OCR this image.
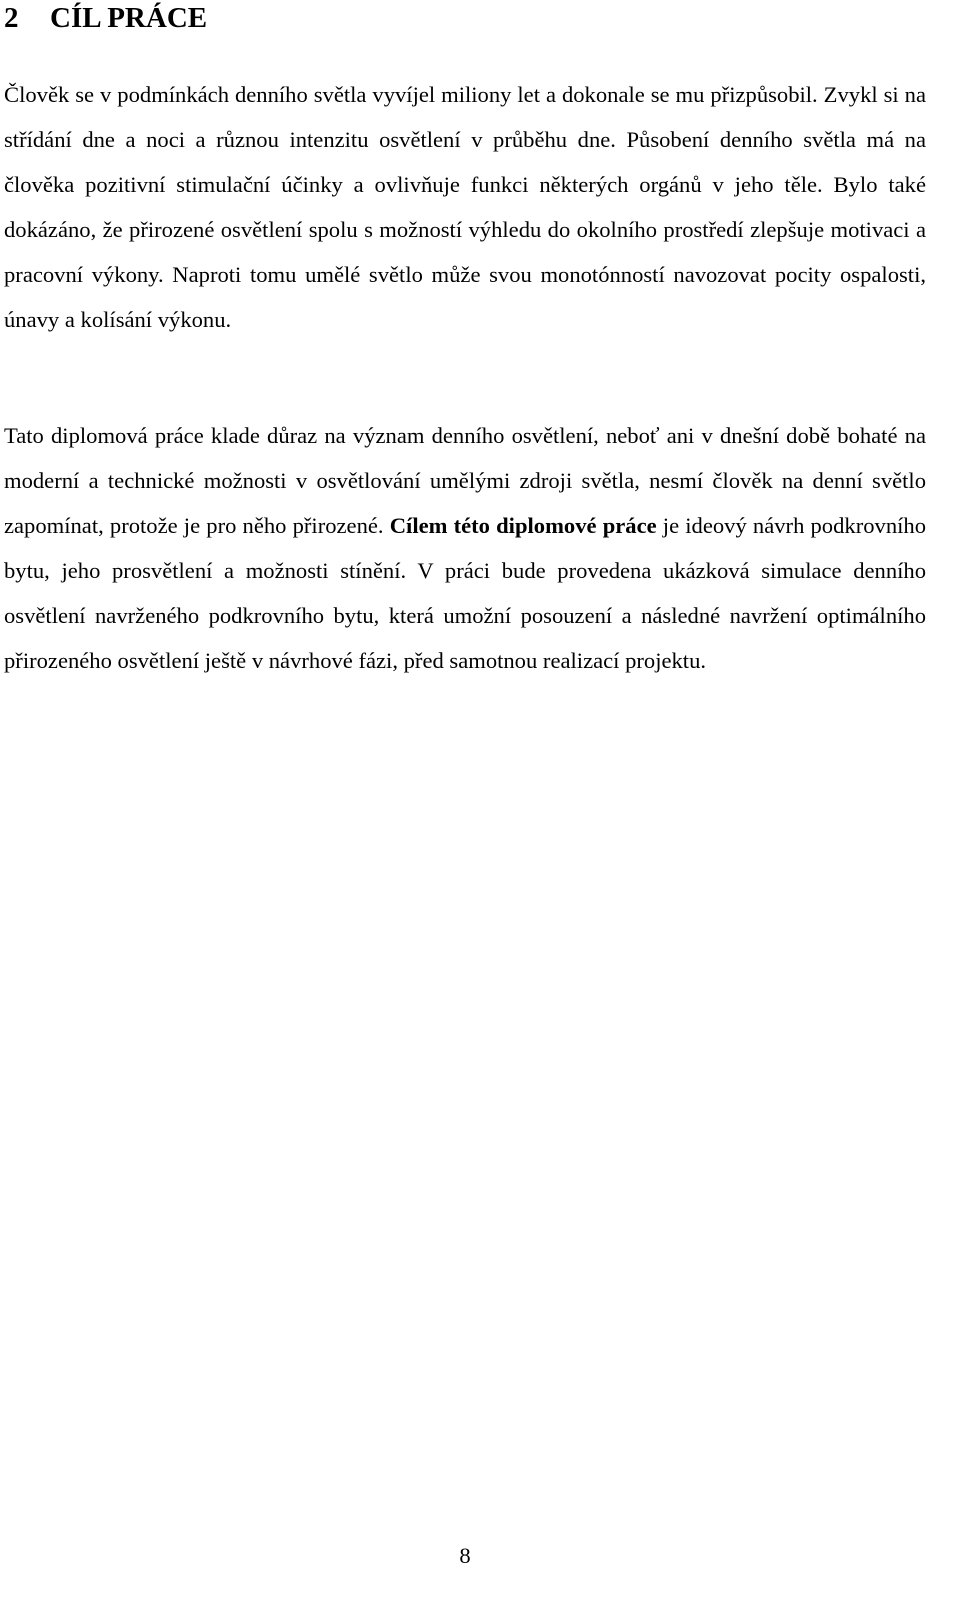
2 CÍL PRÁCE

Člověk se v podmínkách denního světla vyvíjel miliony let a dokonale se mu přizpůsobil. Zvykl si na střídání dne a noci a různou intenzitu osvětlení v průběhu dne. Působení denního světla má na člověka pozitivní stimulační účinky a ovlivňuje funkci některých orgánů v jeho těle. Bylo také dokázáno, že přirozené osvětlení spolu s možností výhledu do okolního prostředí zlepšuje motivaci a pracovní výkony. Naproti tomu umělé světlo může svou monotónností navozovat pocity ospalosti, únavy a kolísání výkonu.

Tato diplomová práce klade důraz na význam denního osvětlení, neboť ani v dnešní době bohaté na moderní a technické možnosti v osvětlování umělými zdroji světla, nesmí člověk na denní světlo zapomínat, protože je pro něho přirozené. Cílem této diplomové práce je ideový návrh podkrovního bytu, jeho prosvětlení a možnosti stínění. V práci bude provedena ukázková simulace denního osvětlení navrženého podkrovního bytu, která umožní posouzení a následné navržení optimálního přirozeného osvětlení ještě v návrhové fázi, před samotnou realizací projektu.

8
